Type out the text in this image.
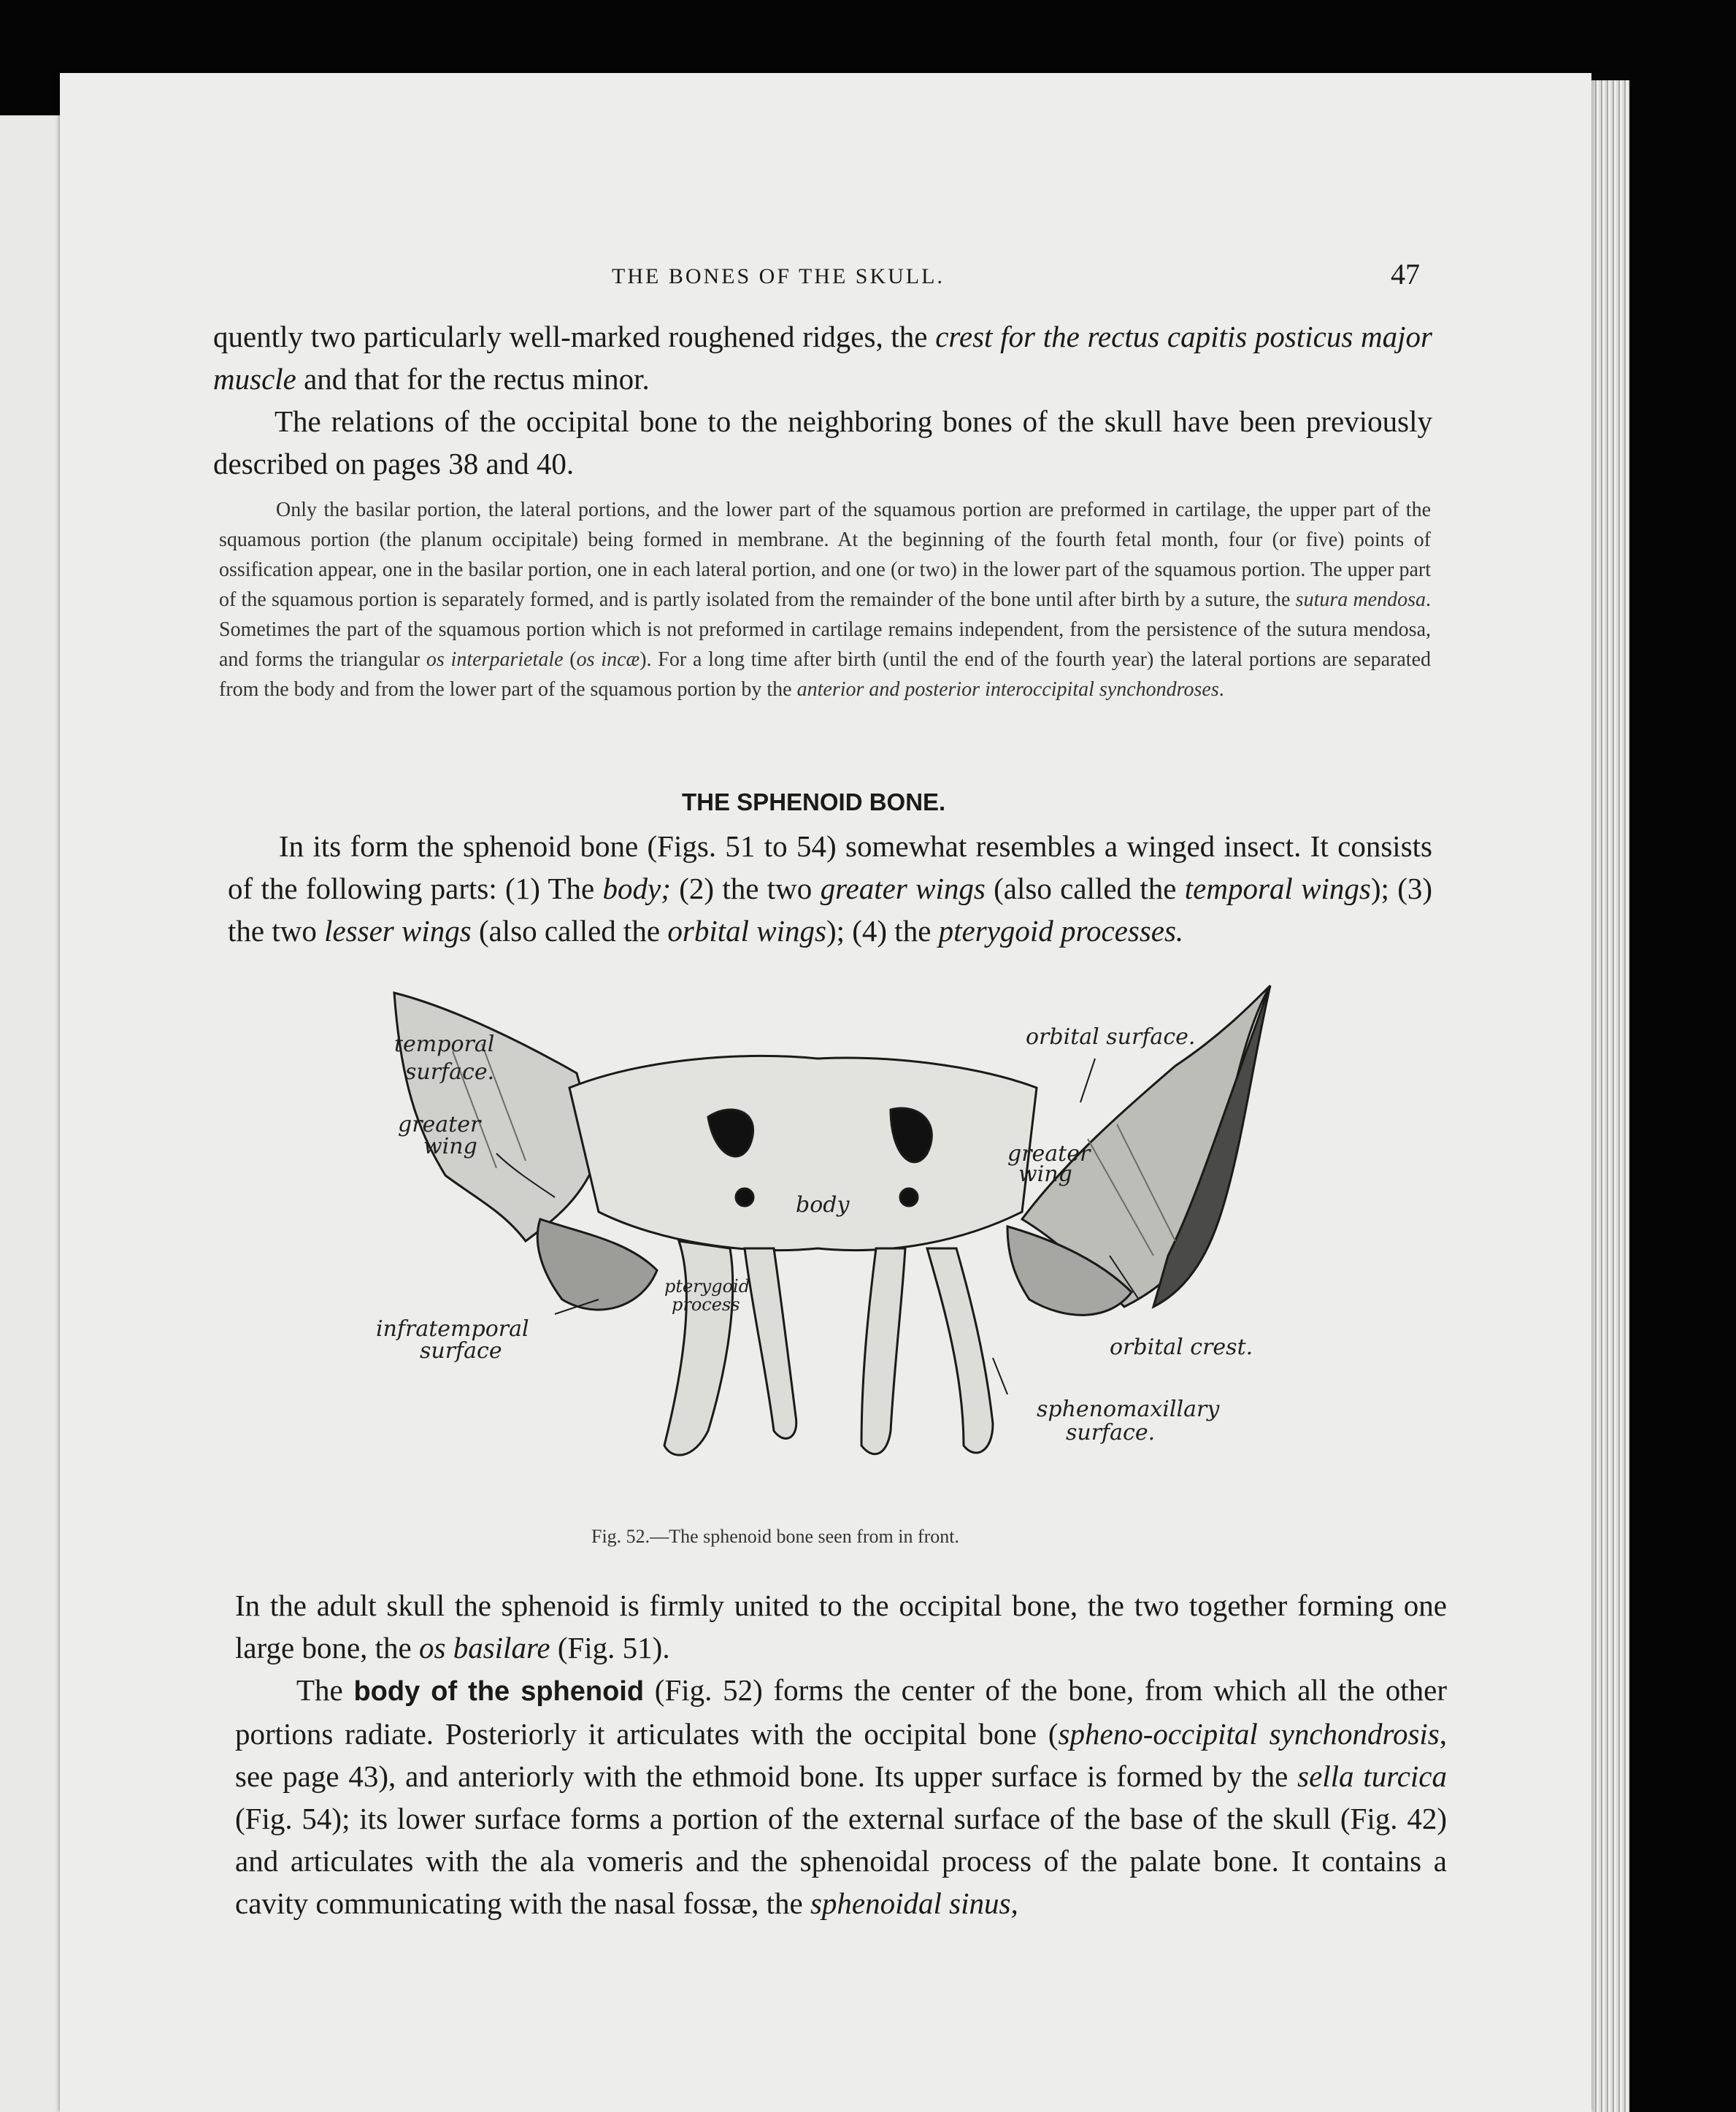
THE BONES OF THE SKULL.	47

quently two particularly well-marked roughened ridges, the crest for the rectus capitis posticus major muscle and that for the rectus minor.

The relations of the occipital bone to the neighboring bones of the skull have been previously described on pages 38 and 40.

Only the basilar portion, the lateral portions, and the lower part of the squamous portion are preformed in cartilage, the upper part of the squamous portion (the planum occipitale) being formed in membrane. At the beginning of the fourth fetal month, four (or five) points of ossification appear, one in the basilar portion, one in each lateral portion, and one (or two) in the lower part of the squamous portion. The upper part of the squamous portion is separately formed, and is partly isolated from the remainder of the bone until after birth by a suture, the sutura mendosa. Sometimes the part of the squamous portion which is not preformed in cartilage remains independent, from the persistence of the sutura mendosa, and forms the triangular os interparietale (os incæ). For a long time after birth (until the end of the fourth year) the lateral portions are separated from the body and from the lower part of the squamous portion by the anterior and posterior interoccipital synchondroses.

THE SPHENOID BONE.

In its form the sphenoid bone (Figs. 51 to 54) somewhat resembles a winged insect. It consists of the following parts: (1) The body; (2) the two greater wings (also called the temporal wings); (3) the two lesser wings (also called the orbital wings); (4) the pterygoid processes.

temporal
surface.
greater
wing
orbital surface.
greater
wing
body
pterygoid
process
infratemporal
surface	orbital crest.
sphenomaxillary
surface.
Fig. 52.—The sphenoid bone seen from in front.

In the adult skull the sphenoid is firmly united to the occipital bone, the two together forming one large bone, the os basilare (Fig. 51).

The body of the sphenoid (Fig. 52) forms the center of the bone, from which all the other portions radiate. Posteriorly it articulates with the occipital bone (spheno-occipital synchondrosis, see page 43), and anteriorly with the ethmoid bone. Its upper surface is formed by the sella turcica (Fig. 54); its lower surface forms a portion of the external surface of the base of the skull (Fig. 42) and articulates with the ala vomeris and the sphenoidal process of the palate bone. It contains a cavity communicating with the nasal fossæ, the sphenoidal sinus,
